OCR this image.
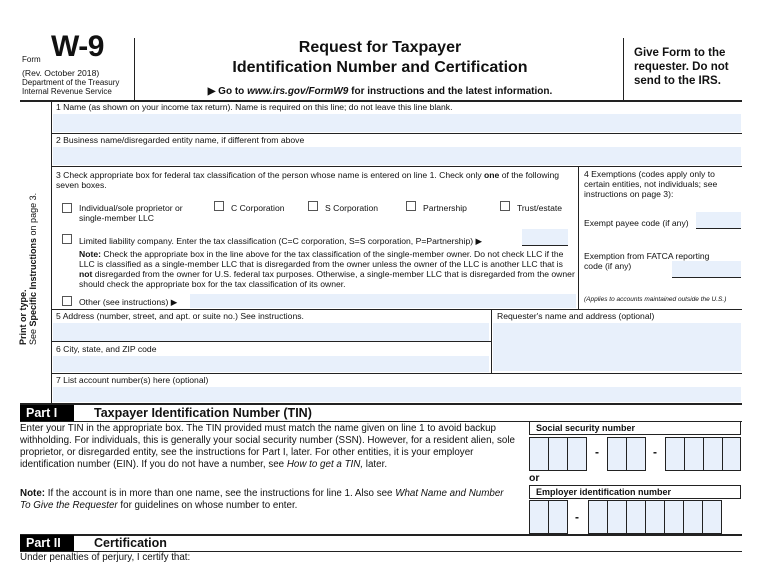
Form W-9
(Rev. October 2018)
Department of the Treasury
Internal Revenue Service
Request for Taxpayer
Identification Number and Certification
▶ Go to www.irs.gov/FormW9 for instructions and the latest information.
Give Form to the requester. Do not send to the IRS.
Print or type. See Specific Instructions on page 3.
1 Name (as shown on your income tax return). Name is required on this line; do not leave this line blank.
2 Business name/disregarded entity name, if different from above
3 Check appropriate box for federal tax classification of the person whose name is entered on line 1. Check only one of the following seven boxes.
Individual/sole proprietor or single-member LLC
C Corporation	S Corporation	Partnership	Trust/estate
Limited liability company. Enter the tax classification (C=C corporation, S=S corporation, P=Partnership) ▶
Note: Check the appropriate box in the line above for the tax classification of the single-member owner. Do not check LLC if the LLC is classified as a single-member LLC that is disregarded from the owner unless the owner of the LLC is another LLC that is not disregarded from the owner for U.S. federal tax purposes. Otherwise, a single-member LLC that is disregarded from the owner should check the appropriate box for the tax classification of its owner.
Other (see instructions) ▶
4 Exemptions (codes apply only to certain entities, not individuals; see instructions on page 3):
Exempt payee code (if any)
Exemption from FATCA reporting code (if any)
(Applies to accounts maintained outside the U.S.)
5 Address (number, street, and apt. or suite no.) See instructions.	Requester's name and address (optional)
6 City, state, and ZIP code
7 List account number(s) here (optional)
Part I	Taxpayer Identification Number (TIN)
Enter your TIN in the appropriate box. The TIN provided must match the name given on line 1 to avoid backup withholding. For individuals, this is generally your social security number (SSN). However, for a resident alien, sole proprietor, or disregarded entity, see the instructions for Part I, later. For other entities, it is your employer identification number (EIN). If you do not have a number, see How to get a TIN, later.
Note: If the account is in more than one name, see the instructions for line 1. Also see What Name and Number To Give the Requester for guidelines on whose number to enter.
Social security number
-	-
or
Employer identification number
-
Part II	Certification
Under penalties of perjury, I certify that:
